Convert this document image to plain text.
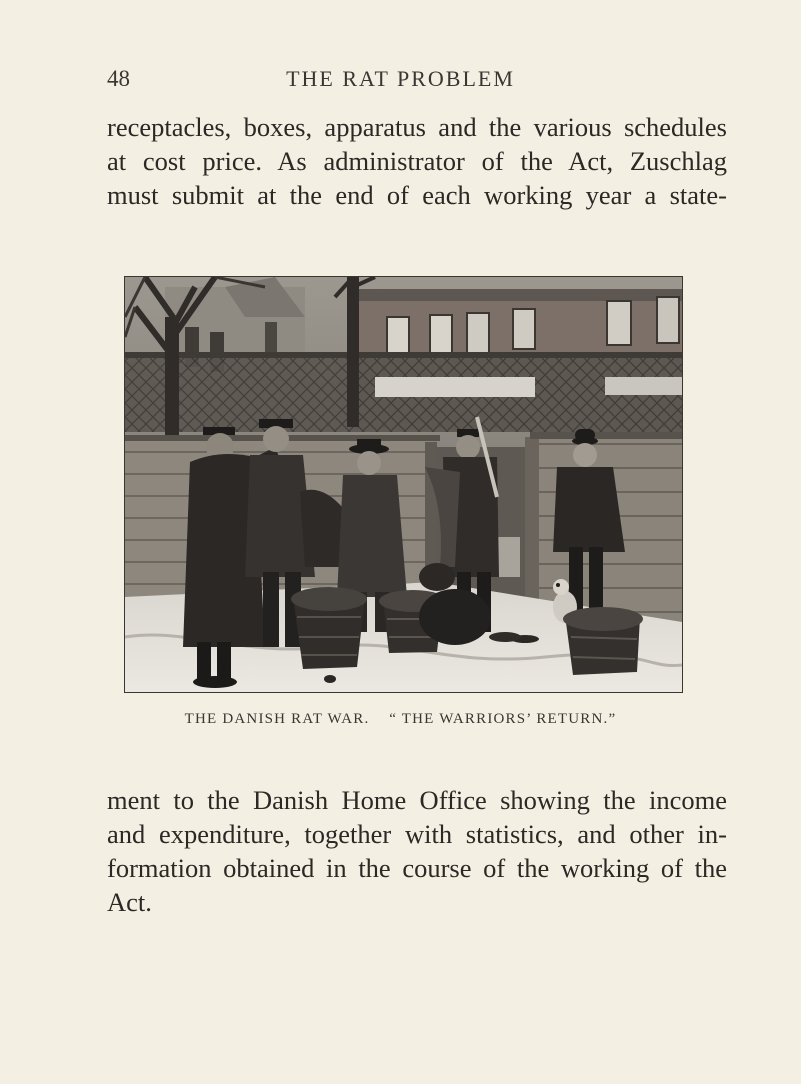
48	THE RAT PROBLEM
receptacles, boxes, apparatus and the various schedules
at cost price. As administrator of the Act, Zuschlag
must submit at the end of each working year a state-
THE DANISH RAT WAR. “ THE WARRIORS’ RETURN.”
ment to the Danish Home Office showing the income
and expenditure, together with statistics, and other in-
formation obtained in the course of the working of the
Act.
